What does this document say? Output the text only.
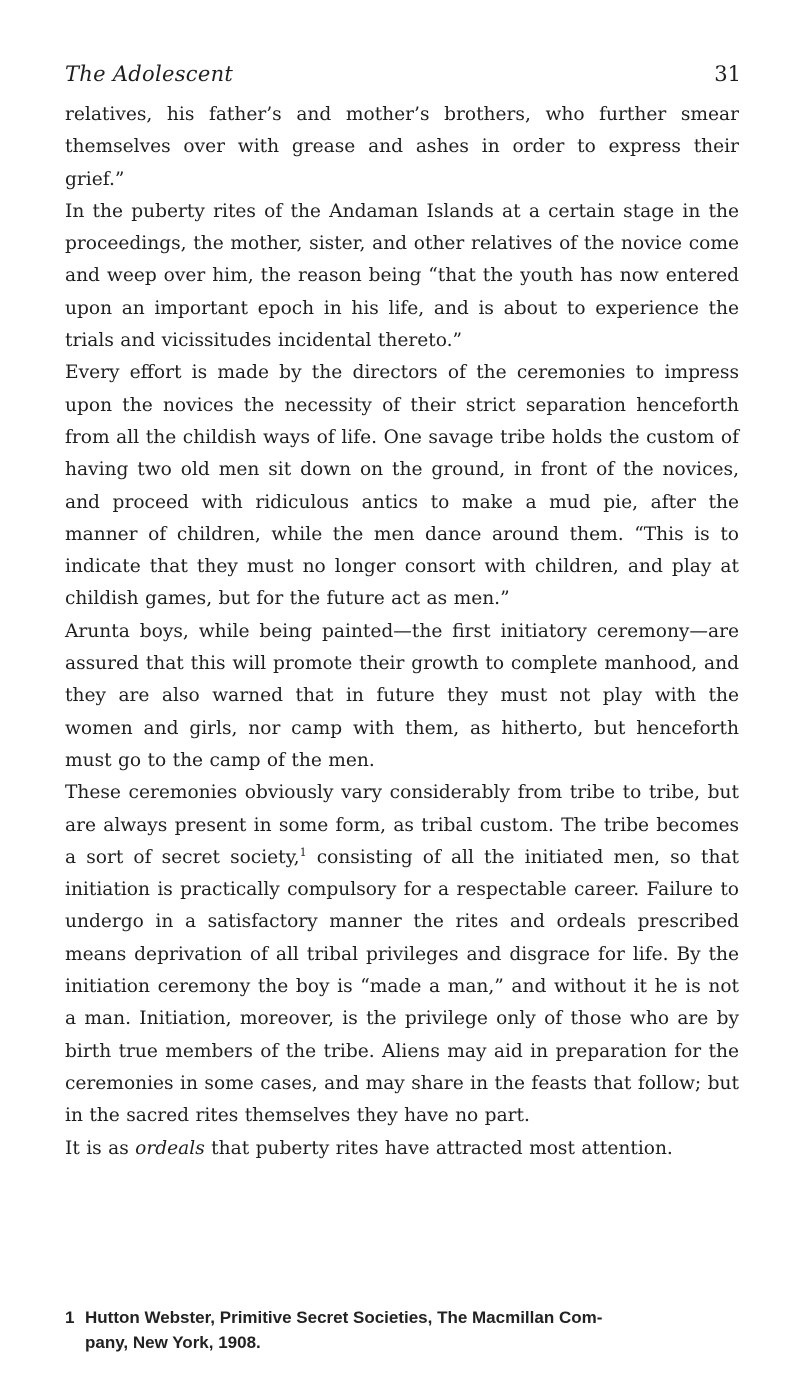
The Adolescent	31

relatives, his father’s and mother’s brothers, who further smear themselves over with grease and ashes in order to express their grief.”

In the puberty rites of the Andaman Islands at a certain stage in the proceedings, the mother, sister, and other relatives of the novice come and weep over him, the reason being “that the youth has now entered upon an important epoch in his life, and is about to experience the trials and vicissitudes incidental thereto.”

Every effort is made by the directors of the ceremonies to impress upon the novices the necessity of their strict separation henceforth from all the childish ways of life. One savage tribe holds the custom of having two old men sit down on the ground, in front of the novices, and proceed with ridiculous antics to make a mud pie, after the manner of children, while the men dance around them. “This is to indicate that they must no longer consort with children, and play at childish games, but for the future act as men.”

Arunta boys, while being painted—the first initiatory ceremony—are assured that this will promote their growth to complete manhood, and they are also warned that in future they must not play with the women and girls, nor camp with them, as hitherto, but henceforth must go to the camp of the men.

These ceremonies obviously vary considerably from tribe to tribe, but are always present in some form, as tribal custom. The tribe becomes a sort of secret society,$^1$ consisting of all the initiated men, so that initiation is practically compulsory for a respectable career. Failure to undergo in a satisfactory manner the rites and ordeals prescribed means deprivation of all tribal privileges and disgrace for life. By the initiation ceremony the boy is “made a man,” and without it he is not a man. Initiation, moreover, is the privilege only of those who are by birth true members of the tribe. Aliens may aid in preparation for the ceremonies in some cases, and may share in the feasts that follow; but in the sacred rites themselves they have no part.

It is as ordeals that puberty rites have attracted most attention.

1 Hutton Webster, Primitive Secret Societies, The Macmillan Com-
pany, New York, 1908.
